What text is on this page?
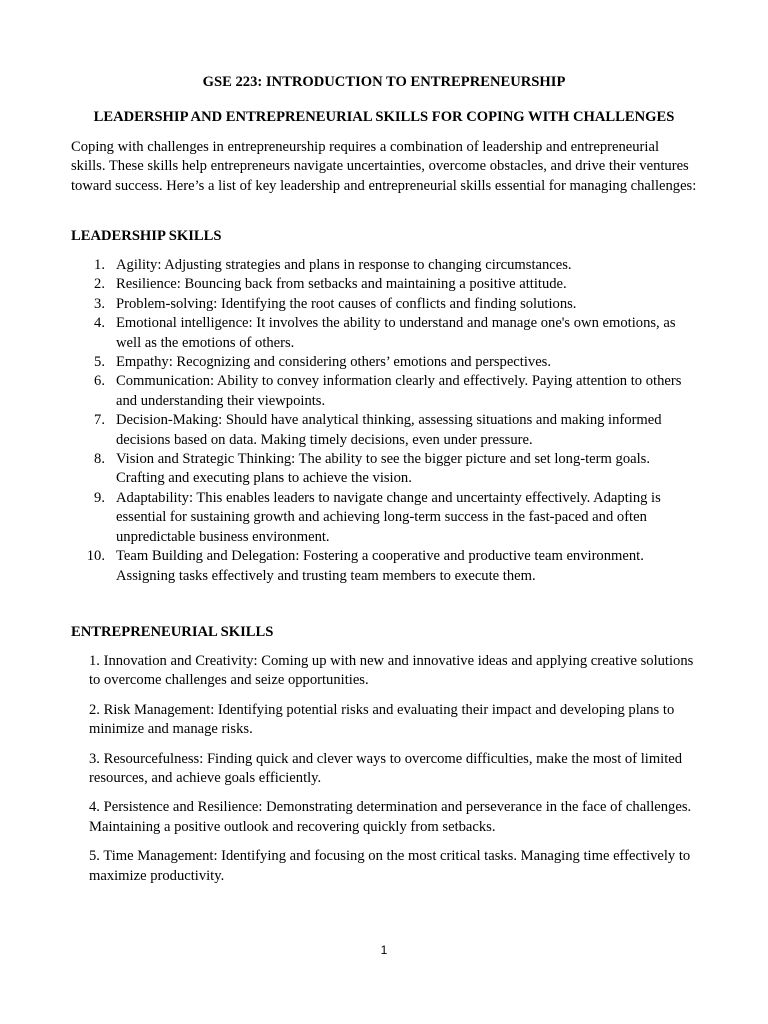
GSE 223: INTRODUCTION TO ENTREPRENEURSHIP
LEADERSHIP AND ENTREPRENEURIAL SKILLS FOR COPING WITH CHALLENGES

Coping with challenges in entrepreneurship requires a combination of leadership and entrepreneurial skills. These skills help entrepreneurs navigate uncertainties, overcome obstacles, and drive their ventures toward success. Here’s a list of key leadership and entrepreneurial skills essential for managing challenges:

LEADERSHIP SKILLS
1. Agility: Adjusting strategies and plans in response to changing circumstances.
2. Resilience: Bouncing back from setbacks and maintaining a positive attitude.
3. Problem-solving: Identifying the root causes of conflicts and finding solutions.
4. Emotional intelligence: It involves the ability to understand and manage one's own emotions, as well as the emotions of others.
5. Empathy: Recognizing and considering others’ emotions and perspectives.
6. Communication: Ability to convey information clearly and effectively. Paying attention to others and understanding their viewpoints.
7. Decision-Making: Should have analytical thinking, assessing situations and making informed decisions based on data. Making timely decisions, even under pressure.
8. Vision and Strategic Thinking: The ability to see the bigger picture and set long-term goals. Crafting and executing plans to achieve the vision.
9. Adaptability: This enables leaders to navigate change and uncertainty effectively. Adapting is essential for sustaining growth and achieving long-term success in the fast-paced and often unpredictable business environment.
10. Team Building and Delegation: Fostering a cooperative and productive team environment. Assigning tasks effectively and trusting team members to execute them.
ENTREPRENEURIAL SKILLS

1. Innovation and Creativity: Coming up with new and innovative ideas and applying creative solutions to overcome challenges and seize opportunities.

2. Risk Management: Identifying potential risks and evaluating their impact and developing plans to minimize and manage risks.

3. Resourcefulness: Finding quick and clever ways to overcome difficulties, make the most of limited resources, and achieve goals efficiently.

4. Persistence and Resilience: Demonstrating determination and perseverance in the face of challenges. Maintaining a positive outlook and recovering quickly from setbacks.

5. Time Management: Identifying and focusing on the most critical tasks. Managing time effectively to maximize productivity.

1
